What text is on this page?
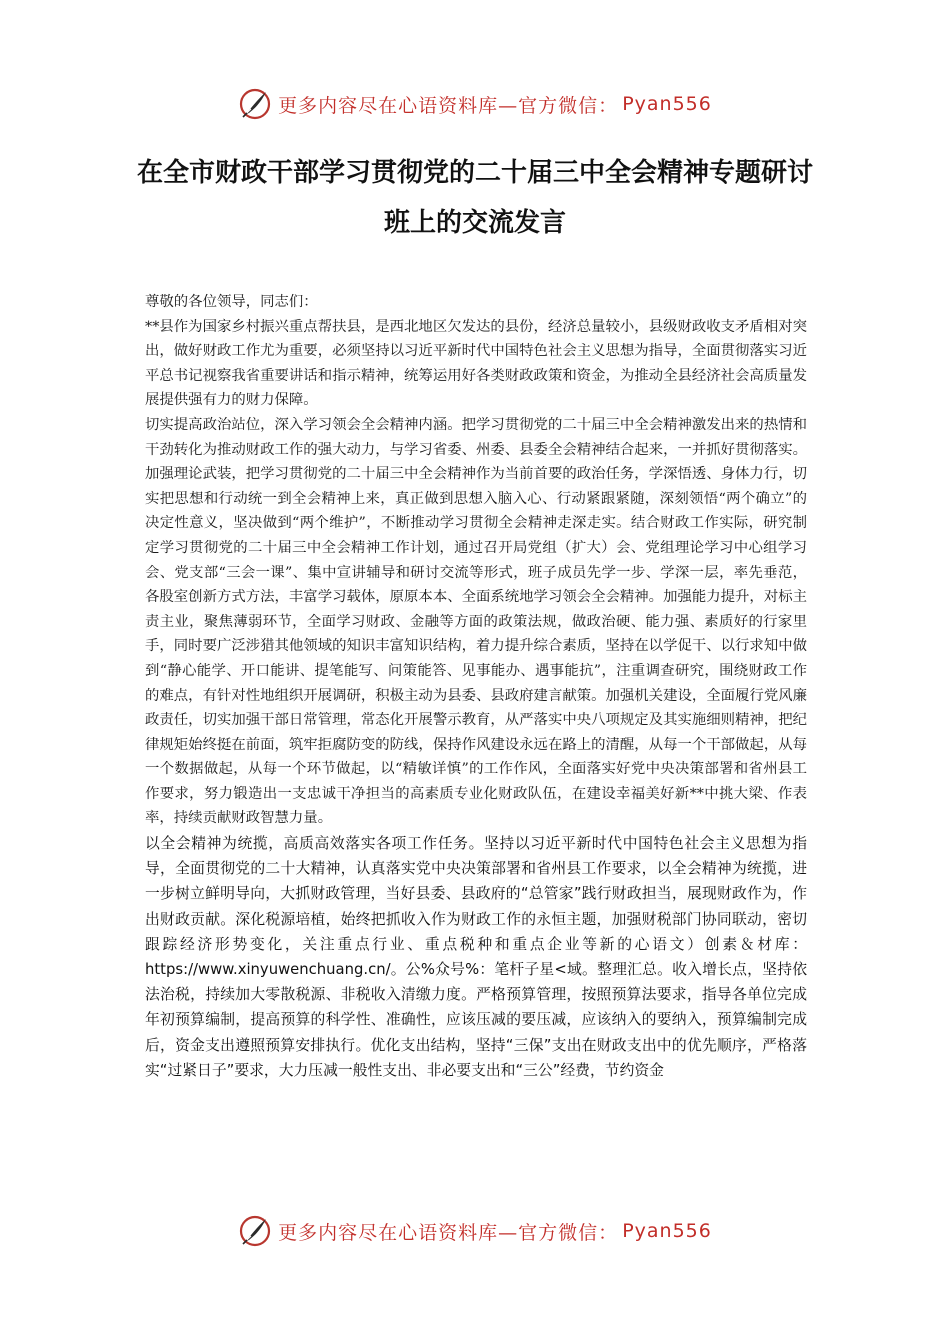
更多内容尽在心语资料库 —官方微信： Pyan556
在全市财政干部学习贯彻党的二十届三中全会精神专题研讨班上的交流发言

尊敬的各位领导，同志们：

**县作为国家乡村振兴重点帮扶县，是西北地区欠发达的县份，经济总量较小，县级财政收支矛盾相对突出，做好财政工作尤为重要，必须坚持以习近平新时代中国特色社会主义思想为指导，全面贯彻落实习近平总书记视察我省重要讲话和指示精神，统筹运用好各类财政政策和资金，为推动全县经济社会高质量发展提供强有力的财力保障。

切实提高政治站位，深入学习领会全会精神内涵。把学习贯彻党的二十届三中全会精神激发出来的热情和干劲转化为推动财政工作的强大动力，与学习省委、州委、县委全会精神结合起来，一并抓好贯彻落实。加强理论武装，把学习贯彻党的二十届三中全会精神作为当前首要的政治任务，学深悟透、身体力行，切实把思想和行动统一到全会精神上来，真正做到思想入脑入心、行动紧跟紧随，深刻领悟“两个确立”的决定性意义，坚决做到“两个维护”，不断推动学习贯彻全会精神走深走实。结合财政工作实际，研究制定学习贯彻党的二十届三中全会精神工作计划，通过召开局党组（扩大）会、党组理论学习中心组学习会、党支部“三会一课”、集中宣讲辅导和研讨交流等形式，班子成员先学一步、学深一层，率先垂范，各股室创新方式方法，丰富学习载体，原原本本、全面系统地学习领会全会精神。加强能力提升，对标主责主业，聚焦薄弱环节，全面学习财政、金融等方面的政策法规，做政治硬、能力强、素质好的行家里手，同时要广泛涉猎其他领域的知识丰富知识结构，着力提升综合素质，坚持在以学促干、以行求知中做到“静心能学、开口能讲、提笔能写、问策能答、见事能办、遇事能抗”，注重调查研究，围绕财政工作的难点，有针对性地组织开展调研，积极主动为县委、县政府建言献策。加强机关建设，全面履行党风廉政责任，切实加强干部日常管理，常态化开展警示教育，从严落实中央八项规定及其实施细则精神，把纪律规矩始终挺在前面，筑牢拒腐防变的防线，保持作风建设永远在路上的清醒，从每一个干部做起，从每一个数据做起，从每一个环节做起，以“精敏详慎”的工作作风，全面落实好党中央决策部署和省州县工作要求，努力锻造出一支忠诚干净担当的高素质专业化财政队伍，在建设幸福美好新**中挑大梁、作表率，持续贡献财政智慧力量。

以全会精神为统揽，高质高效落实各项工作任务。坚持以习近平新时代中国特色社会主义思想为指导，全面贯彻党的二十大精神，认真落实党中央决策部署和省州县工作要求，以全会精神为统揽，进一步树立鲜明导向，大抓财政管理，当好县委、县政府的“总管家”践行财政担当，展现财政作为，作出财政贡献。深化税源培植，始终把抓收入作为财政工作的永恒主题，加强财税部门协同联动，密切跟踪经济形势变化，关注重点行业、重点税种和重点企业等新的心语文）创素＆材库：https://www.xinyuwenchuang.cn/。公%众号%：笔杆子星<域。整理汇总。收入增长点，坚持依法治税，持续加大零散税源、非税收入清缴力度。严格预算管理，按照预算法要求，指导各单位完成年初预算编制，提高预算的科学性、准确性，应该压减的要压减，应该纳入的要纳入，预算编制完成后，资金支出遵照预算安排执行。优化支出结构，坚持“三保”支出在财政支出中的优先顺序，严格落实“过紧日子”要求，大力压减一般性支出、非必要支出和“三公”经费，节约资金

更多内容尽在心语资料库 —官方微信： Pyan556
